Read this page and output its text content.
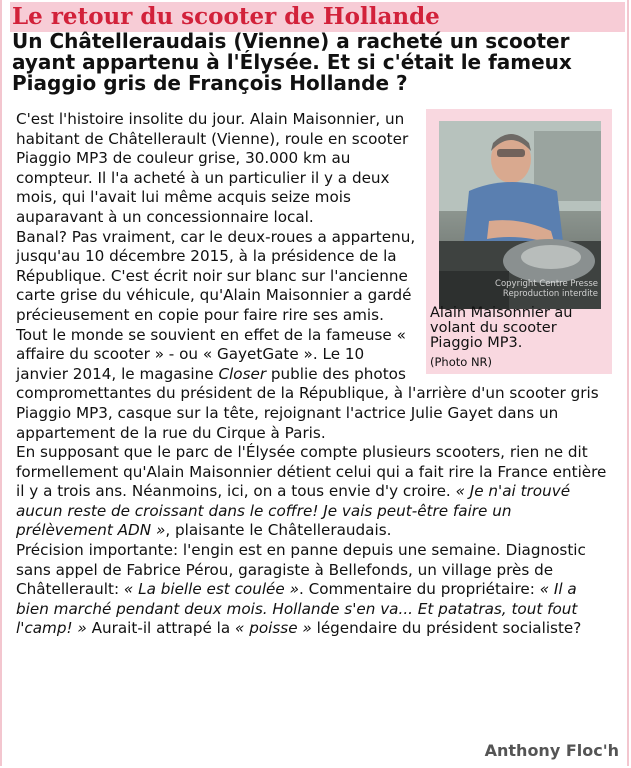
Le retour du scooter de Hollande
Un Châtelleraudais (Vienne) a racheté un scooter ayant appartenu à l'Élysée. Et si c'était le fameux Piaggio gris de François Hollande ?
Copyright Centre Presse
Reproduction interdite
Alain Maisonnier au volant du scooter Piaggio MP3.
(Photo NR)

C'est l'histoire insolite du jour. Alain Maisonnier, un habitant de Châtellerault (Vienne), roule en scooter Piaggio MP3 de couleur grise, 30.000 km au compteur. Il l'a acheté à un particulier il y a deux mois, qui l'avait lui même acquis seize mois auparavant à un concessionnaire local.

Banal? Pas vraiment, car le deux-roues a appartenu, jusqu'au 10 décembre 2015, à la présidence de la République. C'est écrit noir sur blanc sur l'ancienne carte grise du véhicule, qu'Alain Maisonnier a gardé précieusement en copie pour faire rire ses amis. Tout le monde se souvient en effet de la fameuse « affaire du scooter » - ou « GayetGate ». Le 10 janvier 2014, le magasine Closer publie des photos compromettantes du président de la République, à l'arrière d'un scooter gris Piaggio MP3, casque sur la tête, rejoignant l'actrice Julie Gayet dans un appartement de la rue du Cirque à Paris.

En supposant que le parc de l'Élysée compte plusieurs scooters, rien ne dit formellement qu'Alain Maisonnier détient celui qui a fait rire la France entière il y a trois ans. Néanmoins, ici, on a tous envie d'y croire. « Je n'ai trouvé aucun reste de croissant dans le coffre! Je vais peut-être faire un prélèvement ADN », plaisante le Châtelleraudais.

Précision importante: l'engin est en panne depuis une semaine. Diagnostic sans appel de Fabrice Pérou, garagiste à Bellefonds, un village près de Châtellerault: « La bielle est coulée ». Commentaire du propriétaire: « Il a bien marché pendant deux mois. Hollande s'en va... Et patatras, tout fout l'camp! » Aurait-il attrapé la « poisse » légendaire du président socialiste?

Anthony Floc'h
